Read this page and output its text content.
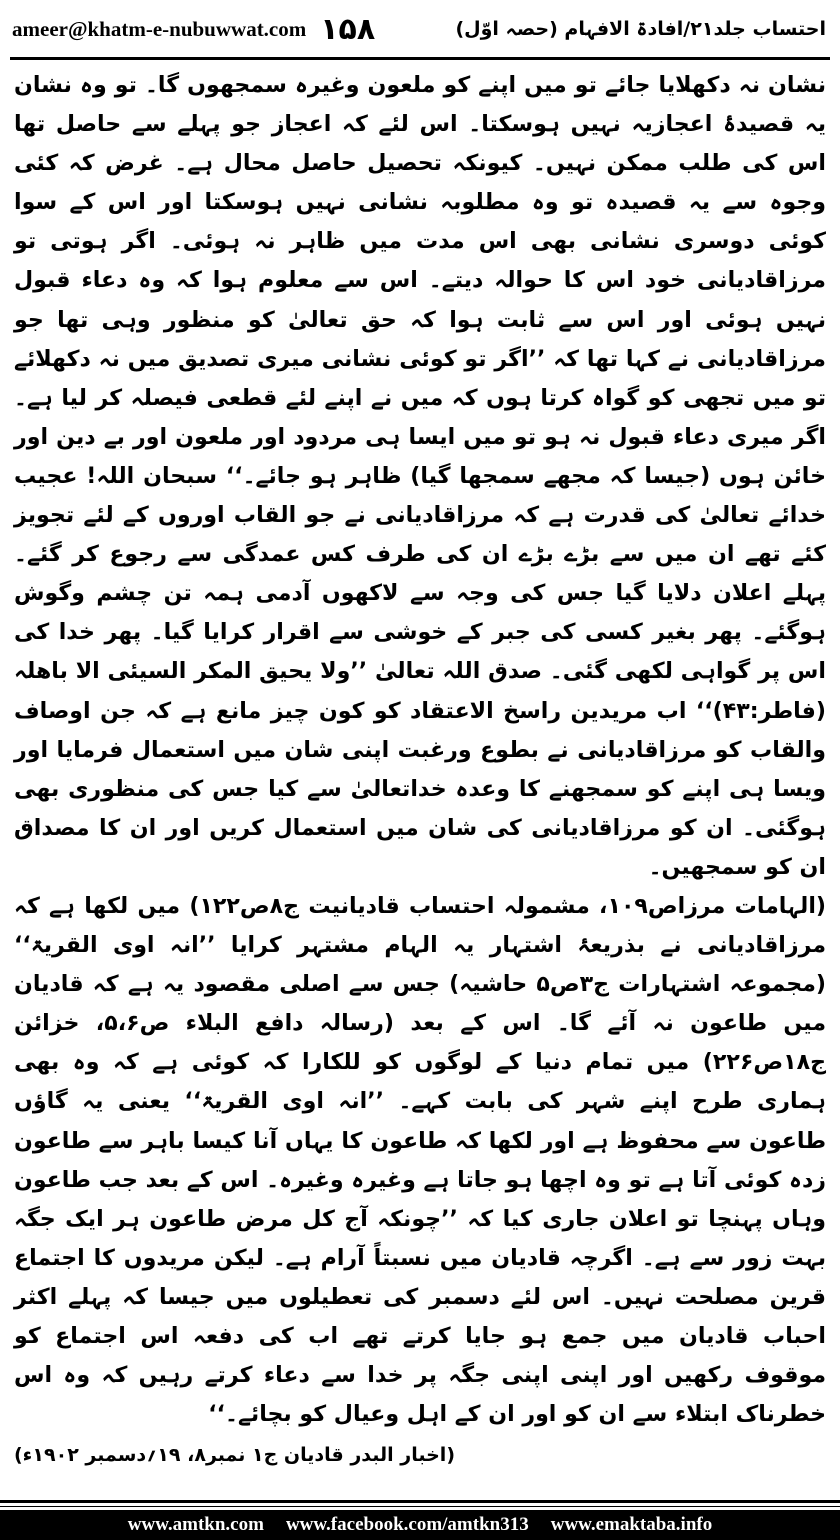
ameer@khatm-e-nubuwwat.com ۱۵۸	احتساب جلد۲۱/افادۃ الافہام (حصہ اوّل)

نشان نہ دکھلایا جائے تو میں اپنے کو ملعون وغیرہ سمجھوں گا۔ تو وہ نشان یہ قصیدۂ اعجازیہ نہیں ہوسکتا۔ اس لئے کہ اعجاز جو پہلے سے حاصل تھا اس کی طلب ممکن نہیں۔ کیونکہ تحصیل حاصل محال ہے۔ غرض کہ کئی وجوہ سے یہ قصیدہ تو وہ مطلوبہ نشانی نہیں ہوسکتا اور اس کے سوا کوئی دوسری نشانی بھی اس مدت میں ظاہر نہ ہوئی۔ اگر ہوتی تو مرزاقادیانی خود اس کا حوالہ دیتے۔ اس سے معلوم ہوا کہ وہ دعاء قبول نہیں ہوئی اور اس سے ثابت ہوا کہ حق تعالیٰ کو منظور وہی تھا جو مرزاقادیانی نے کہا تھا کہ ’’اگر تو کوئی نشانی میری تصدیق میں نہ دکھلائے تو میں تجھی کو گواہ کرتا ہوں کہ میں نے اپنے لئے قطعی فیصلہ کر لیا ہے۔ اگر میری دعاء قبول نہ ہو تو میں ایسا ہی مردود اور ملعون اور بے دین اور خائن ہوں (جیسا کہ مجھے سمجھا گیا) ظاہر ہو جائے۔‘‘ سبحان اللہ! عجیب خدائے تعالیٰ کی قدرت ہے کہ مرزاقادیانی نے جو القاب اوروں کے لئے تجویز کئے تھے ان میں سے بڑے بڑے ان کی طرف کس عمدگی سے رجوع کر گئے۔ پہلے اعلان دلایا گیا جس کی وجہ سے لاکھوں آدمی ہمہ تن چشم وگوش ہوگئے۔ پھر بغیر کسی کی جبر کے خوشی سے اقرار کرایا گیا۔ پھر خدا کی اس پر گواہی لکھی گئی۔ صدق اللہ تعالیٰ ’’ولا یحیق المکر السیئی الا باھلہ (فاطر:۴۳)‘‘ اب مریدین راسخ الاعتقاد کو کون چیز مانع ہے کہ جن اوصاف والقاب کو مرزاقادیانی نے بطوع ورغبت اپنی شان میں استعمال فرمایا اور ویسا ہی اپنے کو سمجھنے کا وعدہ خداتعالیٰ سے کیا جس کی منظوری بھی ہوگئی۔ ان کو مرزاقادیانی کی شان میں استعمال کریں اور ان کا مصداق ان کو سمجھیں۔

(الہامات مرزاص۱۰۹، مشمولہ احتساب قادیانیت ج۸ص۱۲۲) میں لکھا ہے کہ مرزاقادیانی نے بذریعۂ اشتہار یہ الہام مشتہر کرایا ’’انہ اوی القریۃ‘‘ (مجموعہ اشتہارات ج۳ص۵ حاشیہ) جس سے اصلی مقصود یہ ہے کہ قادیان میں طاعون نہ آئے گا۔ اس کے بعد (رسالہ دافع البلاء ص۵،۶، خزائن ج۱۸ص۲۲۶) میں تمام دنیا کے لوگوں کو للکارا کہ کوئی ہے کہ وہ بھی ہماری طرح اپنے شہر کی بابت کہے۔ ’’انہ اوی القریۃ‘‘ یعنی یہ گاؤں طاعون سے محفوظ ہے اور لکھا کہ طاعون کا یہاں آنا کیسا باہر سے طاعون زدہ کوئی آتا ہے تو وہ اچھا ہو جاتا ہے وغیرہ وغیرہ۔ اس کے بعد جب طاعون وہاں پہنچا تو اعلان جاری کیا کہ ’’چونکہ آج کل مرض طاعون ہر ایک جگہ بہت زور سے ہے۔ اگرچہ قادیان میں نسبتاً آرام ہے۔ لیکن مریدوں کا اجتماع قرین مصلحت نہیں۔ اس لئے دسمبر کی تعطیلوں میں جیسا کہ پہلے اکثر احباب قادیان میں جمع ہو جایا کرتے تھے اب کی دفعہ اس اجتماع کو موقوف رکھیں اور اپنی اپنی جگہ پر خدا سے دعاء کرتے رہیں کہ وہ اس خطرناک ابتلاء سے ان کو اور ان کے اہل وعیال کو بچائے۔‘‘

(اخبار البدر قادیان ج۱ نمبر۸، ۱۹؍دسمبر ۱۹۰۲ء)
www.amtkn.com www.facebook.com/amtkn313 www.emaktaba.info
